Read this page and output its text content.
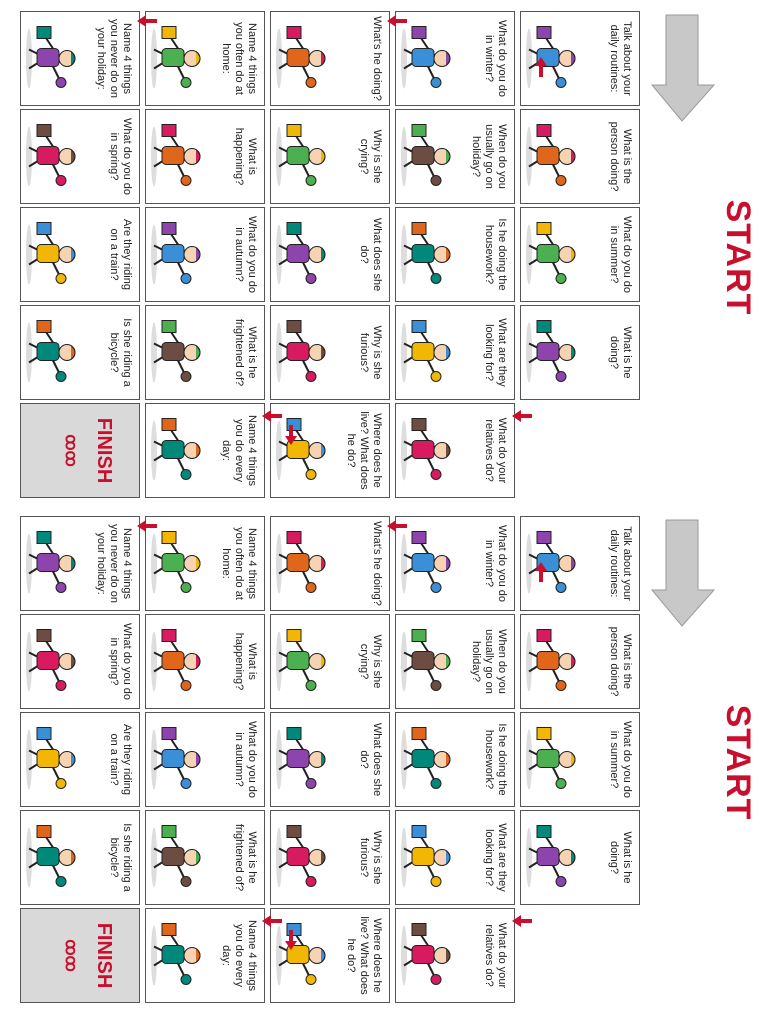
START
Talk about your daily routines:
What is the person doing?
What do you do in summer?
What is he doing?
What do your relatives do?
What are they looking for?
Is he doing the housework?
When do you usually go on holiday?
What do you do in winter?
What's he doing?
Why is she crying?
What does she do?
Why is she furious?
Where does he live? What does he do?
Name 4 things you do every day:
What is he frightened of?
What do you do in autumn?
What is happening?
Name 4 things you often do at home:
Name 4 things you never do on your holiday:
What do you do in spring?
Are they riding on a train?
Is she riding a bicycle?
FINISH
ꝏꝏ
START
Talk about your daily routines:
What is the person doing?
What do you do in summer?
What is he doing?
What do your relatives do?
What are they looking for?
Is he doing the housework?
When do you usually go on holiday?
What do you do in winter?
What's he doing?
Why is she crying?
What does she do?
Why is she furious?
Where does he live? What does he do?
Name 4 things you do every day:
What is he frightened of?
What do you do in autumn?
What is happening?
Name 4 things you often do at home:
Name 4 things you never do on your holiday:
What do you do in spring?
Are they riding on a train?
Is she riding a bicycle?
FINISH
ꝏꝏ
